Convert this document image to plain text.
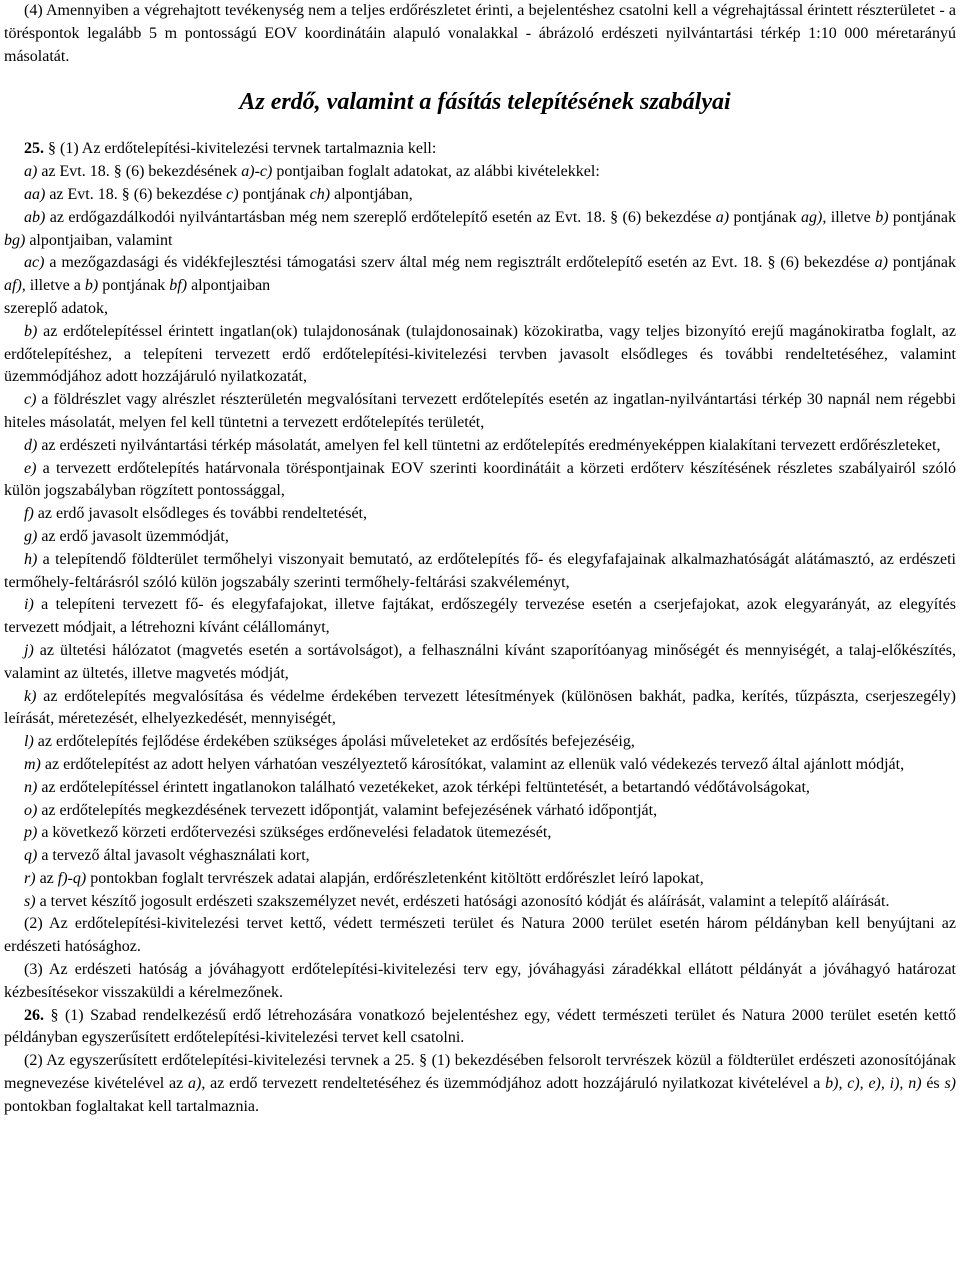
(4) Amennyiben a végrehajtott tevékenység nem a teljes erdőrészletet érinti, a bejelentéshez csatolni kell a végrehajtással érintett részterületet - a töréspontok legalább 5 m pontosságú EOV koordinátáin alapuló vonalakkal - ábrázoló erdészeti nyilvántartási térkép 1:10 000 méretarányú másolatát.

Az erdő, valamint a fásítás telepítésének szabályai

25. § (1) Az erdőtelepítési-kivitelezési tervnek tartalmaznia kell:

a) az Evt. 18. § (6) bekezdésének a)-c) pontjaiban foglalt adatokat, az alábbi kivételekkel:

aa) az Evt. 18. § (6) bekezdése c) pontjának ch) alpontjában,

ab) az erdőgazdálkodói nyilvántartásban még nem szereplő erdőtelepítő esetén az Evt. 18. § (6) bekezdése a) pontjának ag), illetve b) pontjának bg) alpontjaiban, valamint

ac) a mezőgazdasági és vidékfejlesztési támogatási szerv által még nem regisztrált erdőtelepítő esetén az Evt. 18. § (6) bekezdése a) pontjának af), illetve a b) pontjának bf) alpontjaiban

szereplő adatok,

b) az erdőtelepítéssel érintett ingatlan(ok) tulajdonosának (tulajdonosainak) közokiratba, vagy teljes bizonyító erejű magánokiratba foglalt, az erdőtelepítéshez, a telepíteni tervezett erdő erdőtelepítési-kivitelezési tervben javasolt elsődleges és további rendeltetéséhez, valamint üzemmódjához adott hozzájáruló nyilatkozatát,

c) a földrészlet vagy alrészlet részterületén megvalósítani tervezett erdőtelepítés esetén az ingatlan-nyilvántartási térkép 30 napnál nem régebbi hiteles másolatát, melyen fel kell tüntetni a tervezett erdőtelepítés területét,

d) az erdészeti nyilvántartási térkép másolatát, amelyen fel kell tüntetni az erdőtelepítés eredményeképpen kialakítani tervezett erdőrészleteket,

e) a tervezett erdőtelepítés határvonala töréspontjainak EOV szerinti koordinátáit a körzeti erdőterv készítésének részletes szabályairól szóló külön jogszabályban rögzített pontossággal,

f) az erdő javasolt elsődleges és további rendeltetését,

g) az erdő javasolt üzemmódját,

h) a telepítendő földterület termőhelyi viszonyait bemutató, az erdőtelepítés fő- és elegyfafajainak alkalmazhatóságát alátámasztó, az erdészeti termőhely-feltárásról szóló külön jogszabály szerinti termőhely-feltárási szakvéleményt,

i) a telepíteni tervezett fő- és elegyfafajokat, illetve fajtákat, erdőszegély tervezése esetén a cserjefajokat, azok elegyarányát, az elegyítés tervezett módjait, a létrehozni kívánt célállományt,

j) az ültetési hálózatot (magvetés esetén a sortávolságot), a felhasználni kívánt szaporítóanyag minőségét és mennyiségét, a talaj-előkészítés, valamint az ültetés, illetve magvetés módját,

k) az erdőtelepítés megvalósítása és védelme érdekében tervezett létesítmények (különösen bakhát, padka, kerítés, tűzpászta, cserjeszegély) leírását, méretezését, elhelyezkedését, mennyiségét,

l) az erdőtelepítés fejlődése érdekében szükséges ápolási műveleteket az erdősítés befejezéséig,

m) az erdőtelepítést az adott helyen várhatóan veszélyeztető károsítókat, valamint az ellenük való védekezés tervező által ajánlott módját,

n) az erdőtelepítéssel érintett ingatlanokon található vezetékeket, azok térképi feltüntetését, a betartandó védőtávolságokat,

o) az erdőtelepítés megkezdésének tervezett időpontját, valamint befejezésének várható időpontját,

p) a következő körzeti erdőtervezési szükséges erdőnevelési feladatok ütemezését,

q) a tervező által javasolt véghasználati kort,

r) az f)-q) pontokban foglalt tervrészek adatai alapján, erdőrészletenként kitöltött erdőrészlet leíró lapokat,

s) a tervet készítő jogosult erdészeti szakszemélyzet nevét, erdészeti hatósági azonosító kódját és aláírását, valamint a telepítő aláírását.

(2) Az erdőtelepítési-kivitelezési tervet kettő, védett természeti terület és Natura 2000 terület esetén három példányban kell benyújtani az erdészeti hatósághoz.

(3) Az erdészeti hatóság a jóváhagyott erdőtelepítési-kivitelezési terv egy, jóváhagyási záradékkal ellátott példányát a jóváhagyó határozat kézbesítésekor visszaküldi a kérelmezőnek.

26. § (1) Szabad rendelkezésű erdő létrehozására vonatkozó bejelentéshez egy, védett természeti terület és Natura 2000 terület esetén kettő példányban egyszerűsített erdőtelepítési-kivitelezési tervet kell csatolni.

(2) Az egyszerűsített erdőtelepítési-kivitelezési tervnek a 25. § (1) bekezdésében felsorolt tervrészek közül a földterület erdészeti azonosítójának megnevezése kivételével az a), az erdő tervezett rendeltetéséhez és üzemmódjához adott hozzájáruló nyilatkozat kivételével a b), c), e), i), n) és s) pontokban foglaltakat kell tartalmaznia.
